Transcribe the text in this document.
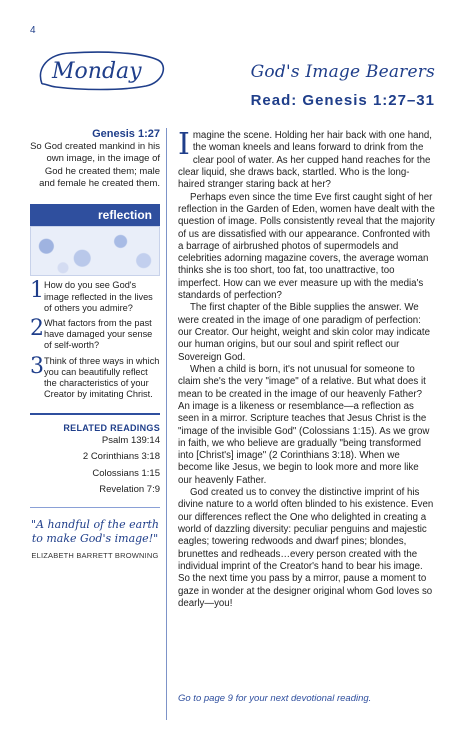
4
Monday	God's Image Bearers
Read: Genesis 1:27–31
Genesis 1:27
So God created mankind in his own image, in the image of God he created them; male and female he created them.
reflection
1 How do you see God's image reflected in the lives of others you admire?
2 What factors from the past have damaged your sense of self-worth?
3 Think of three ways in which you can beautifully reflect the characteristics of your Creator by imitating Christ.
RELATED READINGS
Psalm 139:14
2 Corinthians 3:18
Colossians 1:15
Revelation 7:9
"A handful of the earth to make God's image!"
ELIZABETH BARRETT BROWNING

Imagine the scene. Holding her hair back with one hand, the woman kneels and leans forward to drink from the clear pool of water. As her cupped hand reaches for the clear liquid, she draws back, startled. Who is the long-haired stranger staring back at her?

Perhaps even since the time Eve first caught sight of her reflection in the Garden of Eden, women have dealt with the question of image. Polls consistently reveal that the majority of us are dissatisfied with our appearance. Confronted with a barrage of airbrushed photos of supermodels and celebrities adorning magazine covers, the average woman thinks she is too short, too fat, too unattractive, too imperfect. How can we ever measure up with the media's standards of perfection?

The first chapter of the Bible supplies the answer. We were created in the image of one paradigm of perfection: our Creator. Our height, weight and skin color may indicate our human origins, but our soul and spirit reflect our Sovereign God.

When a child is born, it's not unusual for someone to claim she's the very "image" of a relative. But what does it mean to be created in the image of our heavenly Father? An image is a likeness or resemblance—a reflection as seen in a mirror. Scripture teaches that Jesus Christ is the "image of the invisible God" (Colossians 1:15). As we grow in faith, we who believe are gradually "being transformed into [Christ's] image" (2 Corinthians 3:18). When we become like Jesus, we begin to look more and more like our heavenly Father.

God created us to convey the distinctive imprint of his divine nature to a world often blinded to his existence. Even our differences reflect the One who delighted in creating a world of dazzling diversity: peculiar penguins and majestic eagles; towering redwoods and dwarf pines; blondes, brunettes and redheads…every person created with the individual imprint of the Creator's hand to bear his image. So the next time you pass by a mirror, pause a moment to gaze in wonder at the designer original whom God loves so dearly—you!

Go to page 9 for your next devotional reading.
